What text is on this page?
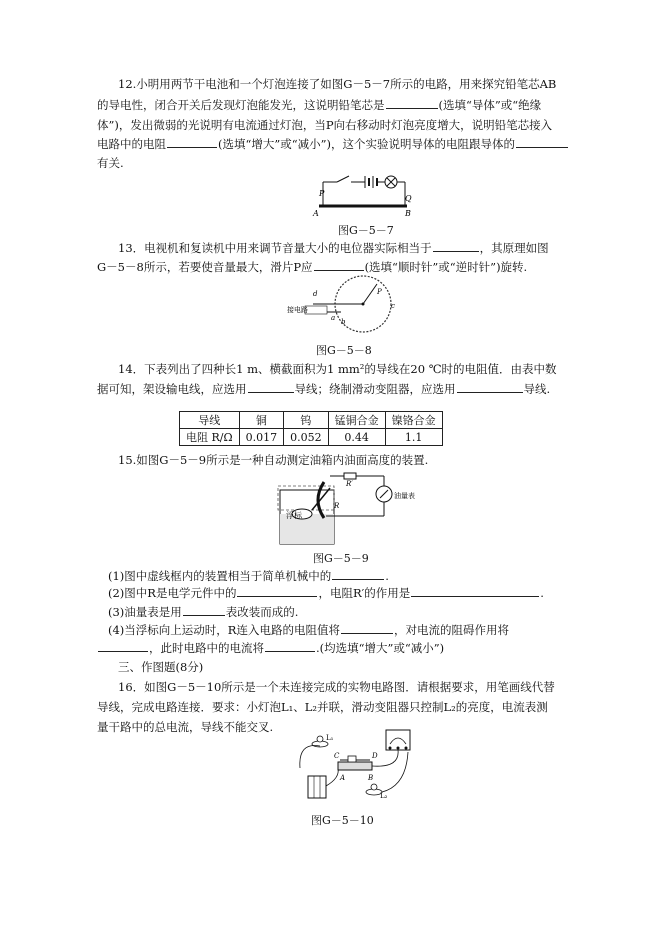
12.小明用两节干电池和一个灯泡连接了如图G－5－7所示的电路，用来探究铅笔芯AB
的导电性，闭合开关后发现灯泡能发光，这说明铅笔芯是	(选填“导体”或“绝缘
体”)，发出微弱的光说明有电流通过灯泡，当P向右移动时灯泡亮度增大，说明铅笔芯接入
电路中的电阻	(选填“增大”或“减小”)，这个实验说明导体的电阻跟导体的
有关.
P
Q
A	B
图G－5－7
13．电视机和复读机中用来调节音量大小的电位器实际相当于	，其原理如图
G－5－8所示，若要使音量最大，滑片P应	(选填“顺时针”或“逆时针”)旋转.
d	P
a b
c
接电路
图G－5－8
14．下表列出了四种长1 m、横截面积为1 mm²的导线在20 ℃时的电阻值．由表中数
据可知，架设输电线，应选用	导线；绕制滑动变阻器，应选用	导线.
导线	铜	钨	锰铜合金	镍铬合金
电阻 R/Ω	0.017	0.052	0.44	1.1
15.如图G－5－9所示是一种自动测定油箱内油面高度的装置.
R′
R
浮标
油量表
图G－5－9
(1)图中虚线框内的装置相当于简单机械中的	.
(2)图中R是电学元件中的	，电阻R′的作用是	.
(3)油量表是用	表改装而成的.
(4)当浮标向上运动时，R连入电路的电阻值将	，对电流的阻碍作用将
，此时电路中的电流将	.(均选填“增大”或“减小”)
三、作图题(8分)
16．如图G－5－10所示是一个未连接完成的实物电路图．请根据要求，用笔画线代替
导线，完成电路连接．要求：小灯泡L₁、L₂并联，滑动变阻器只控制L₂的亮度，电流表测
量干路中的总电流，导线不能交叉.
L₁
L₂
C	D
A	B
图G－5－10
